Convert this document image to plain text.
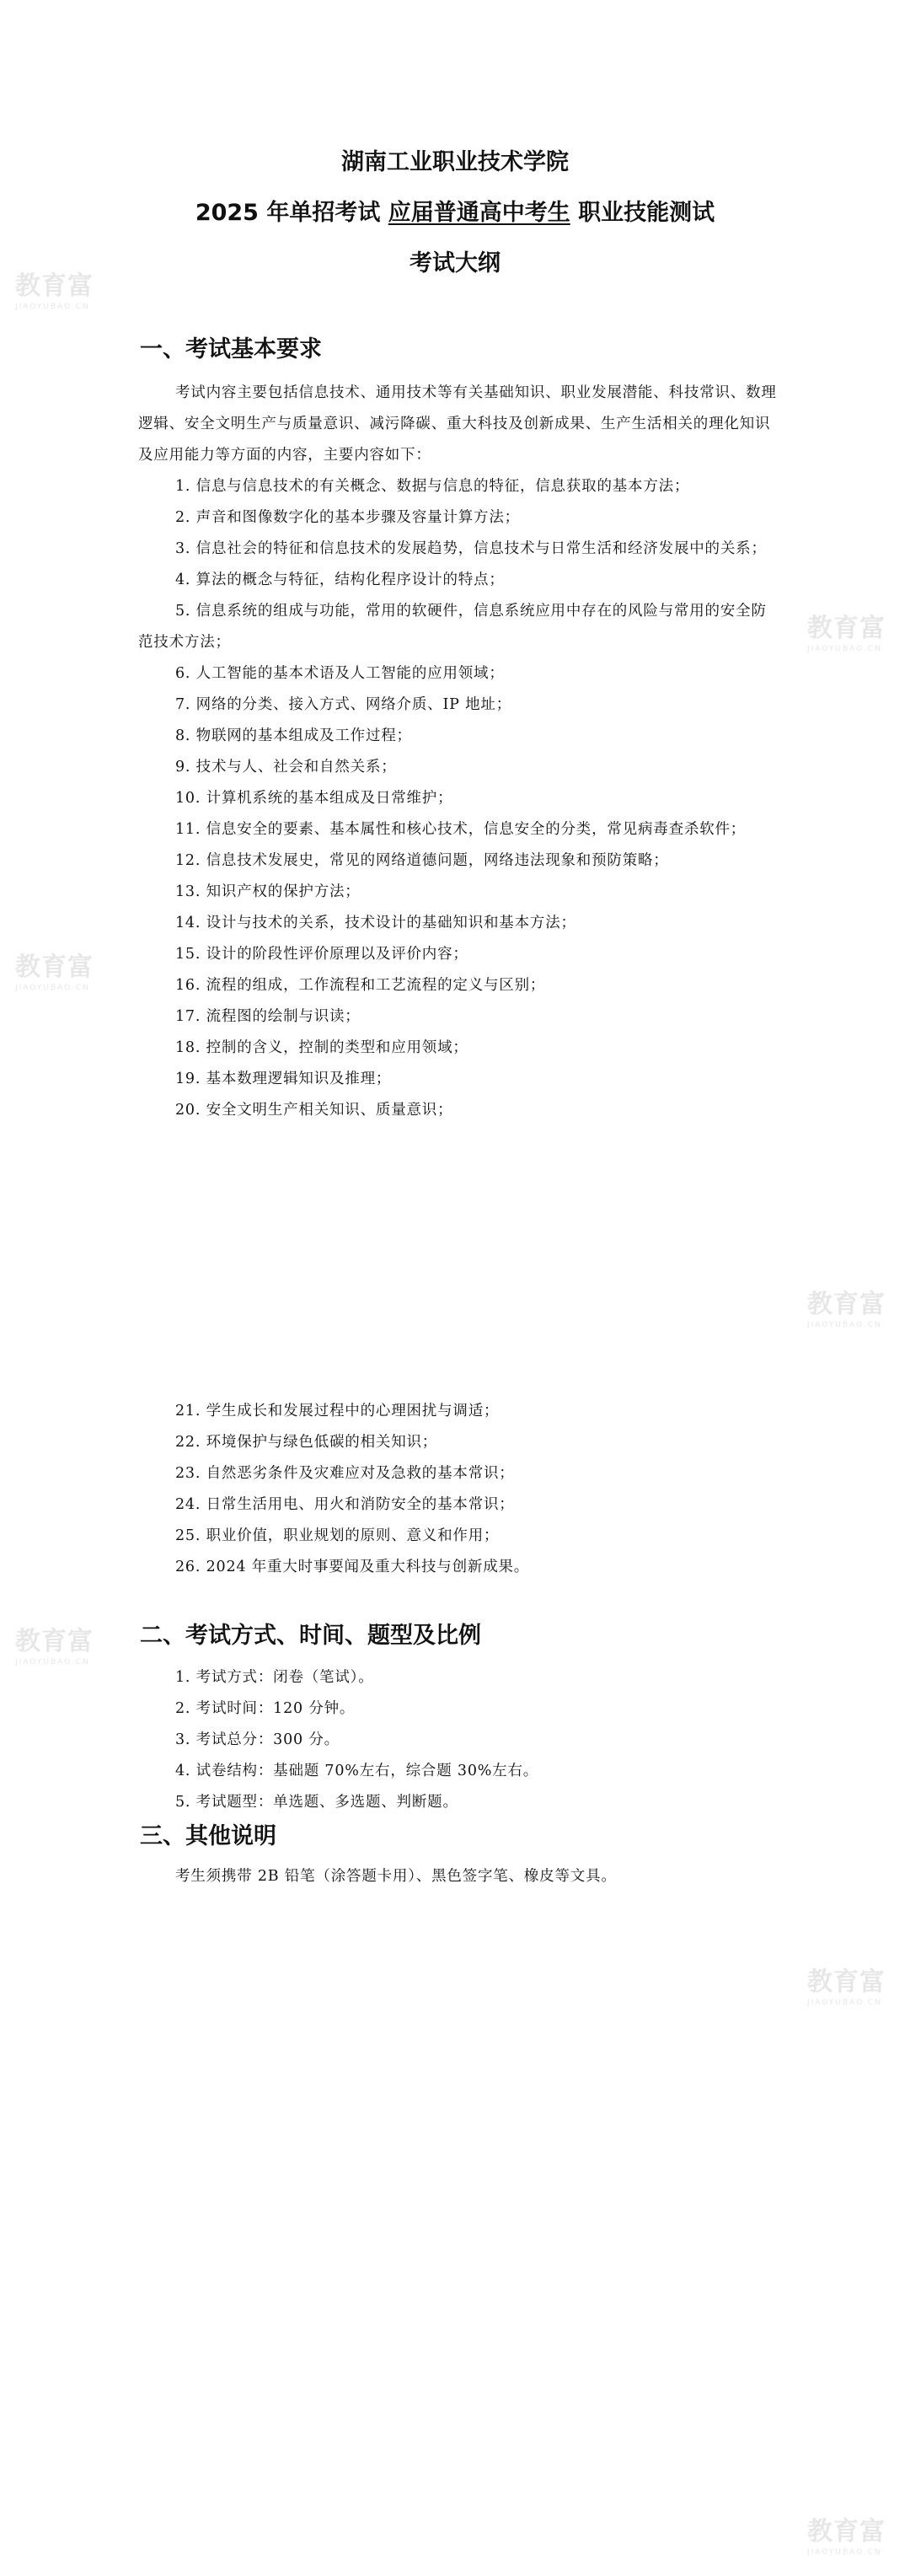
湖南工业职业技术学院
2025 年单招考试 应届普通高中考生 职业技能测试
考试大纲
一、考试基本要求

考试内容主要包括信息技术、通用技术等有关基础知识、职业发展潜能、科技常识、数理逻辑、安全文明生产与质量意识、减污降碳、重大科技及创新成果、生产生活相关的理化知识及应用能力等方面的内容，主要内容如下：

1. 信息与信息技术的有关概念、数据与信息的特征，信息获取的基本方法；

2. 声音和图像数字化的基本步骤及容量计算方法；

3. 信息社会的特征和信息技术的发展趋势，信息技术与日常生活和经济发展中的关系；

4. 算法的概念与特征，结构化程序设计的特点；

5. 信息系统的组成与功能，常用的软硬件，信息系统应用中存在的风险与常用的安全防范技术方法；

6. 人工智能的基本术语及人工智能的应用领域；

7. 网络的分类、接入方式、网络介质、IP 地址；

8. 物联网的基本组成及工作过程；

9. 技术与人、社会和自然关系；

10. 计算机系统的基本组成及日常维护；

11. 信息安全的要素、基本属性和核心技术，信息安全的分类，常见病毒查杀软件；

12. 信息技术发展史，常见的网络道德问题，网络违法现象和预防策略；

13. 知识产权的保护方法；

14. 设计与技术的关系，技术设计的基础知识和基本方法；

15. 设计的阶段性评价原理以及评价内容；

16. 流程的组成，工作流程和工艺流程的定义与区别；

17. 流程图的绘制与识读；

18. 控制的含义，控制的类型和应用领域；

19. 基本数理逻辑知识及推理；

20. 安全文明生产相关知识、质量意识；

21. 学生成长和发展过程中的心理困扰与调适；

22. 环境保护与绿色低碳的相关知识；

23. 自然恶劣条件及灾难应对及急救的基本常识；

24. 日常生活用电、用火和消防安全的基本常识；

25. 职业价值，职业规划的原则、意义和作用；

26. 2024 年重大时事要闻及重大科技与创新成果。

二、考试方式、时间、题型及比例

1. 考试方式：闭卷（笔试）。

2. 考试时间：120 分钟。

3. 考试总分：300 分。

4. 试卷结构：基础题 70%左右，综合题 30%左右。

5. 考试题型：单选题、多选题、判断题。

三、其他说明

考生须携带 2B 铅笔（涂答题卡用）、黑色签字笔、橡皮等文具。

教育富
JIAOYUBAO.CN
教育富
JIAOYUBAO.CN
教育富
JIAOYUBAO.CN
教育富
JIAOYUBAO.CN
教育富
JIAOYUBAO.CN
教育富
JIAOYUBAO.CN
教育富
JIAOYUBAO.CN
